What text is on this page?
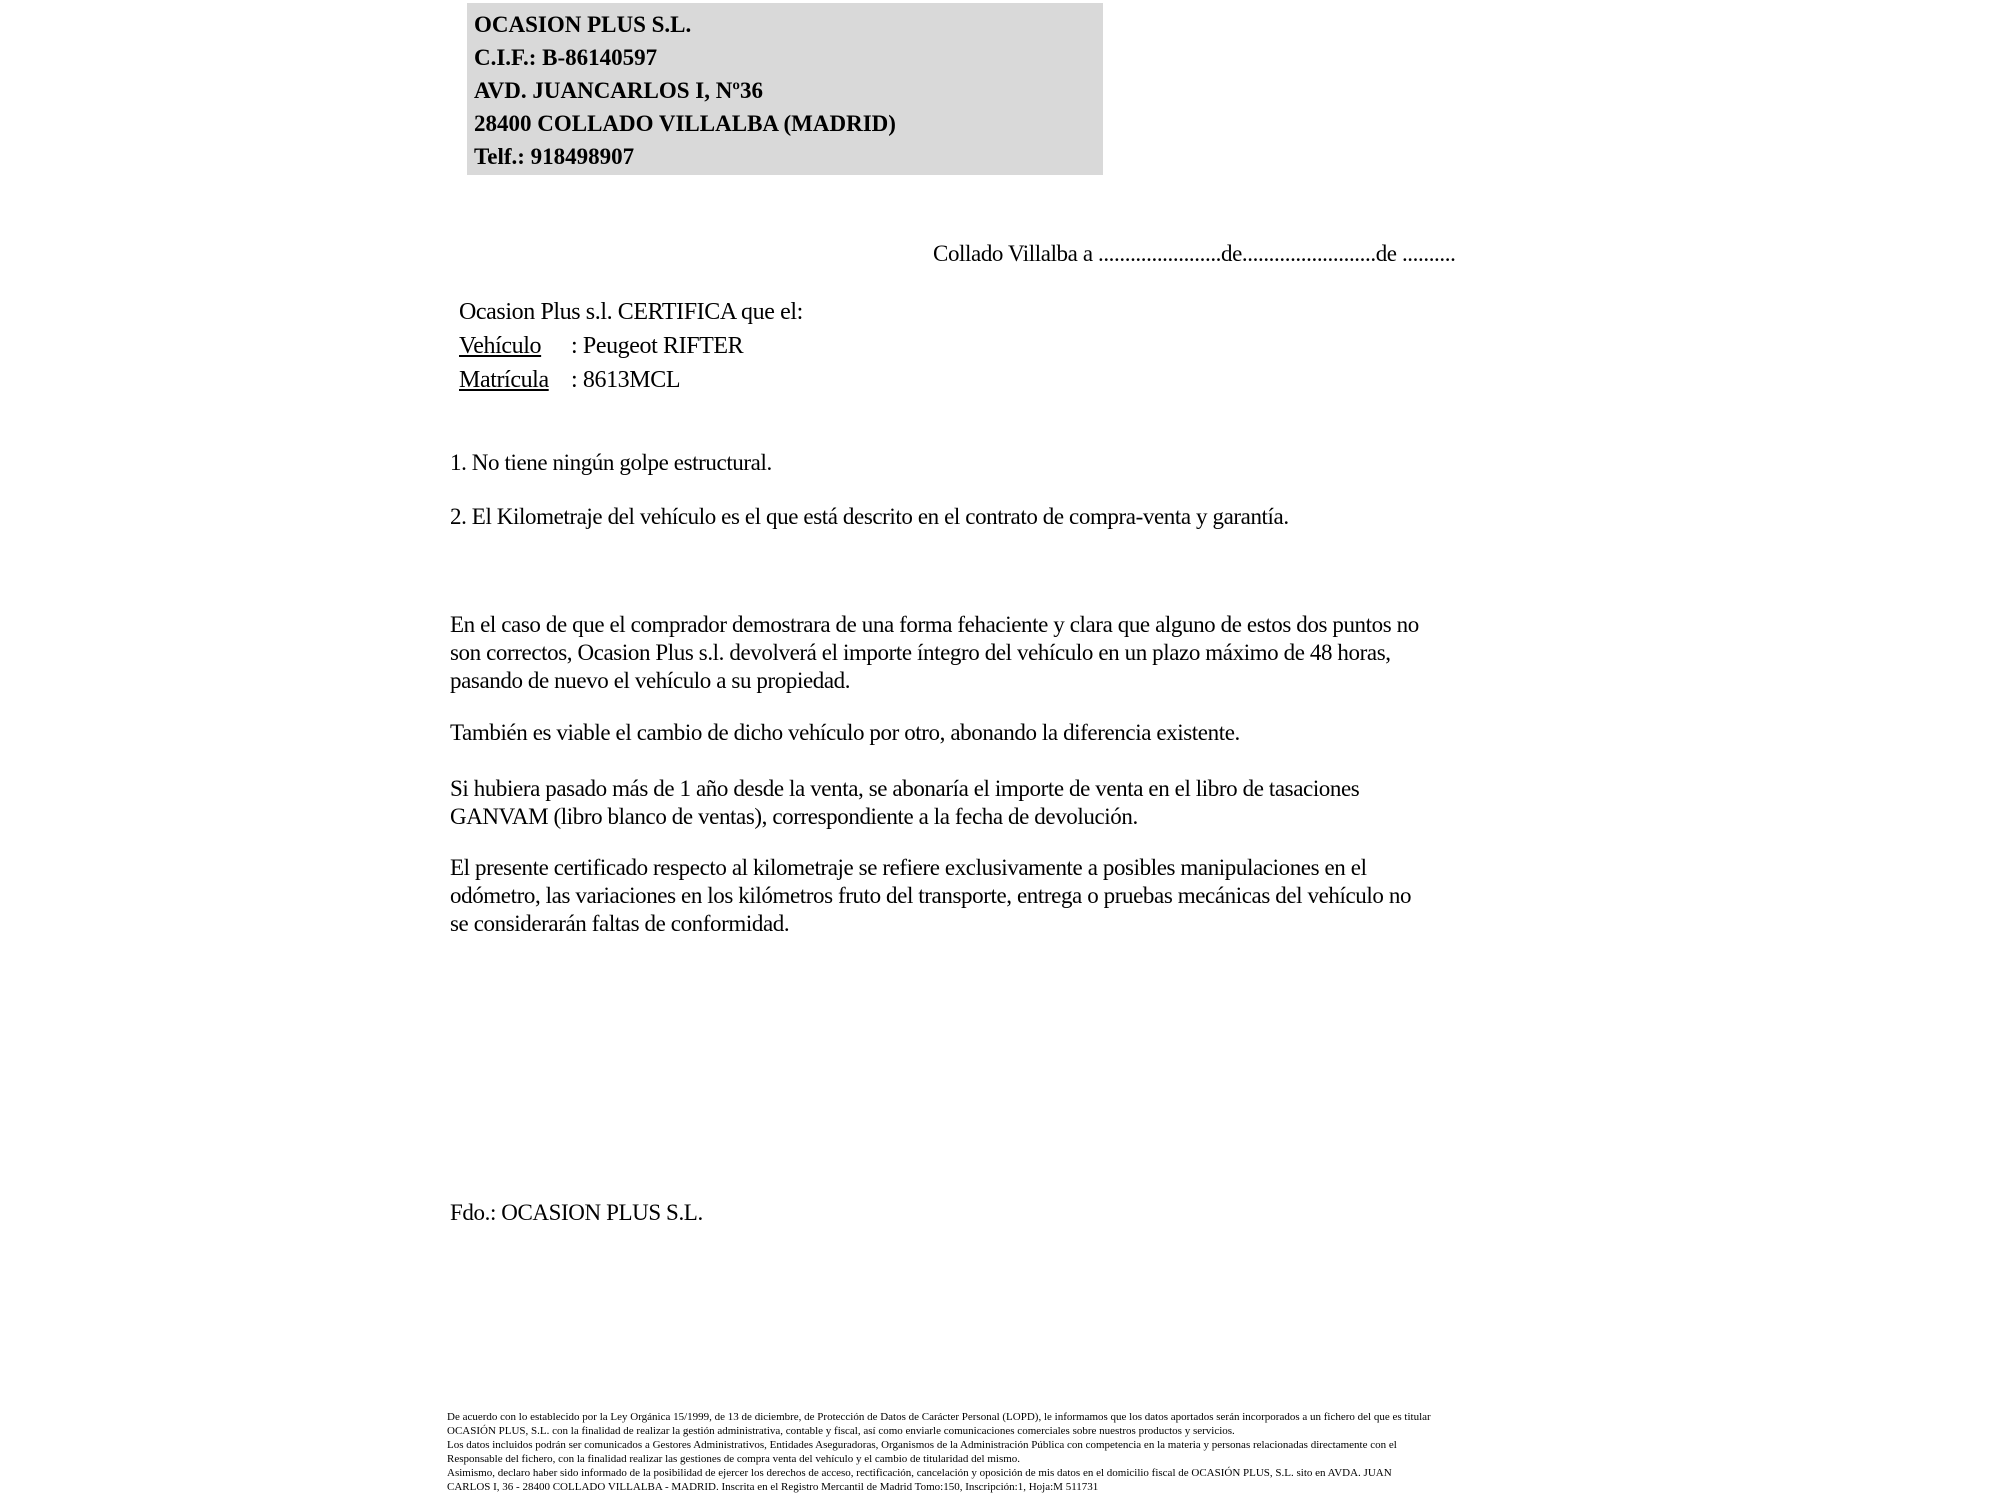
OCASION PLUS S.L.
C.I.F.: B-86140597
AVD. JUANCARLOS I, Nº36
28400 COLLADO VILLALBA (MADRID)
Telf.: 918498907
Collado Villalba a .......................de.........................de ..........
Ocasion Plus s.l. CERTIFICA que el:
Vehículo : Peugeot RIFTER
Matrícula : 8613MCL
1. No tiene ningún golpe estructural.
2. El Kilometraje del vehículo es el que está descrito en el contrato de compra-venta y garantía.
En el caso de que el comprador demostrara de una forma fehaciente y clara que alguno de estos dos puntos no
son correctos, Ocasion Plus s.l. devolverá el importe íntegro del vehículo en un plazo máximo de 48 horas,
pasando de nuevo el vehículo a su propiedad.
También es viable el cambio de dicho vehículo por otro, abonando la diferencia existente.
Si hubiera pasado más de 1 año desde la venta, se abonaría el importe de venta en el libro de tasaciones
GANVAM (libro blanco de ventas), correspondiente a la fecha de devolución.
El presente certificado respecto al kilometraje se refiere exclusivamente a posibles manipulaciones en el
odómetro, las variaciones en los kilómetros fruto del transporte, entrega o pruebas mecánicas del vehículo no
se considerarán faltas de conformidad.
Fdo.: OCASION PLUS S.L.
De acuerdo con lo establecido por la Ley Orgánica 15/1999, de 13 de diciembre, de Protección de Datos de Carácter Personal (LOPD), le informamos que los datos aportados serán incorporados a un fichero del que es titular
OCASIÓN PLUS, S.L. con la finalidad de realizar la gestión administrativa, contable y fiscal, así como enviarle comunicaciones comerciales sobre nuestros productos y servicios.
Los datos incluidos podrán ser comunicados a Gestores Administrativos, Entidades Aseguradoras, Organismos de la Administración Pública con competencia en la materia y personas relacionadas directamente con el
Responsable del fichero, con la finalidad realizar las gestiones de compra venta del vehículo y el cambio de titularidad del mismo.
Asimismo, declaro haber sido informado de la posibilidad de ejercer los derechos de acceso, rectificación, cancelación y oposición de mis datos en el domicilio fiscal de OCASIÓN PLUS, S.L. sito en AVDA. JUAN
CARLOS I, 36 - 28400 COLLADO VILLALBA - MADRID. Inscrita en el Registro Mercantil de Madrid Tomo:150, Inscripción:1, Hoja:M 511731
